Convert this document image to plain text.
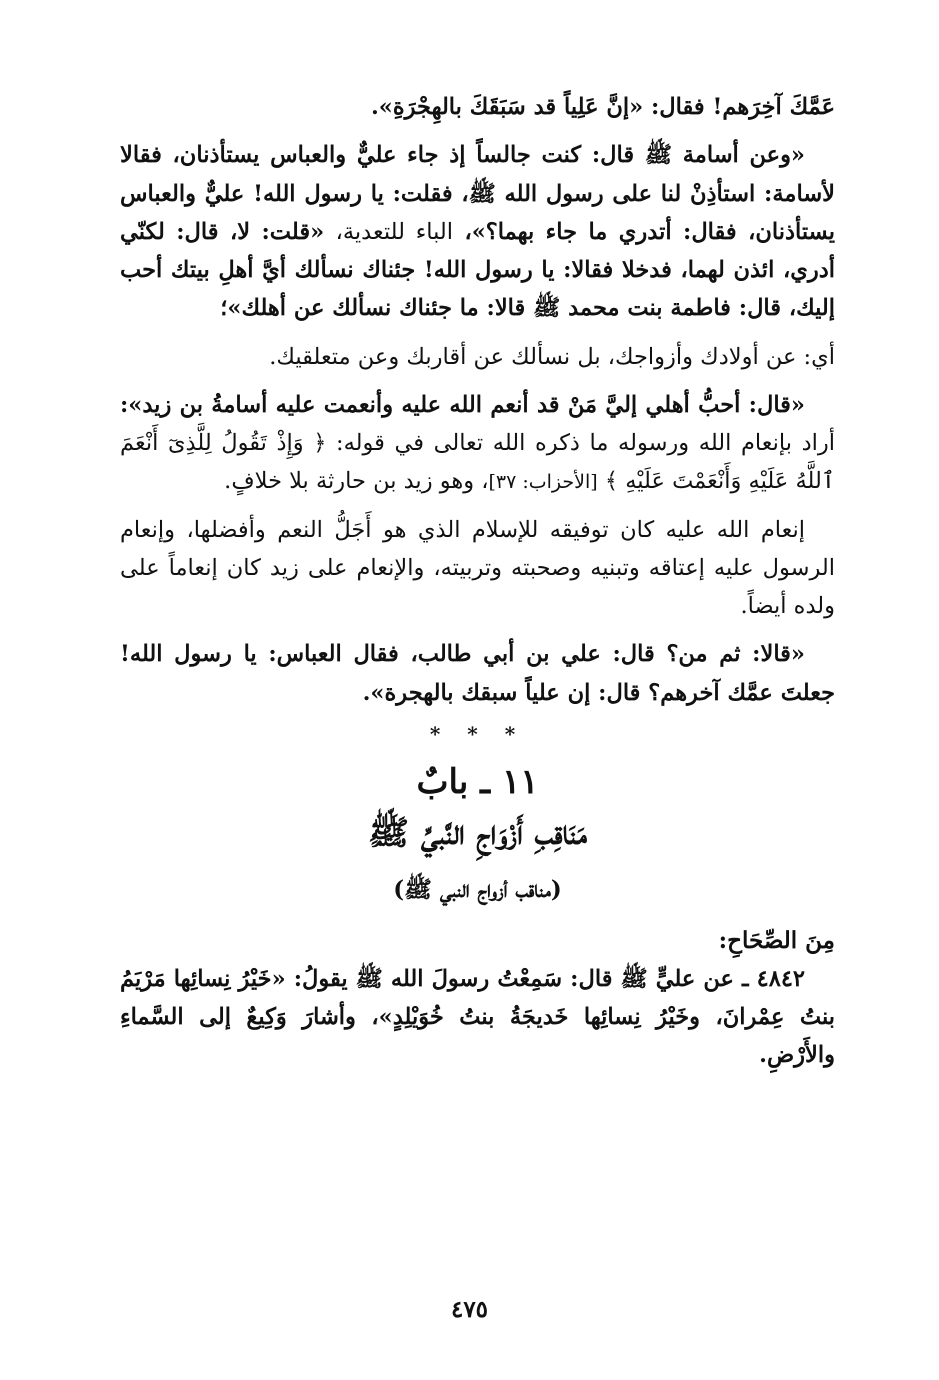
عَمَّكَ آخِرَهم! فقال: «إنَّ عَلِياً قد سَبَقَكَ بالهِجْرَةِ».

«وعن أسامة ﷺ قال: كنت جالساً إذ جاء عليٌّ والعباس يستأذنان، فقالا لأسامة: استأذِنْ لنا على رسول الله ﷺ، فقلت: يا رسول الله! عليٌّ والعباس يستأذنان، فقال: أتدري ما جاء بهما؟»، الباء للتعدية، «قلت: لا، قال: لكنّي أدري، ائذن لهما، فدخلا فقالا: يا رسول الله! جئناك نسألك أيَّ أهلِ بيتك أحب إليك، قال: فاطمة بنت محمد ﷺ قالا: ما جئناك نسألك عن أهلك»؛

أي: عن أولادك وأزواجك، بل نسألك عن أقاربك وعن متعلقيك.

«قال: أحبُّ أهلي إليَّ مَنْ قد أنعم الله عليه وأنعمت عليه أسامةُ بن زيد»: أراد بإنعام الله ورسوله ما ذكره الله تعالى في قوله: ﴿ وَإِذْ تَقُولُ لِلَّذِىٓ أَنْعَمَ ٱللَّهُ عَلَيْهِ وَأَنْعَمْتَ عَلَيْهِ ﴾ [الأحزاب: ٣٧]، وهو زيد بن حارثة بلا خلافٍ.

إنعام الله عليه كان توفيقه للإسلام الذي هو أَجَلُّ النعم وأفضلها، وإنعام الرسول عليه إعتاقه وتبنيه وصحبته وتربيته، والإنعام على زيد كان إنعاماً على ولده أيضاً.

«قالا: ثم من؟ قال: علي بن أبي طالب، فقال العباس: يا رسول الله! جعلتَ عمَّك آخرهم؟ قال: إن علياً سبقك بالهجرة».

* * *
١١ ـ بابٌ
مَنَاقِبِ أَزْوَاجِ النَّبيِّ ﷺ
(مناقب أزواج النبي ﷺ)
مِنَ الصِّحَاحِ:

٤٨٤٢ ـ عن عليٍّ ﷺ قال: سَمِعْتُ رسولَ الله ﷺ يقولُ: «خَيْرُ نِسائِها مَرْيَمُ بنتُ عِمْرانَ، وخَيْرُ نِسائِها خَديجَةُ بنتُ خُوَيْلِدٍ»، وأشارَ وَكِيعٌ إلى السَّماءِ والأَرْضِ.

٤٧٥
